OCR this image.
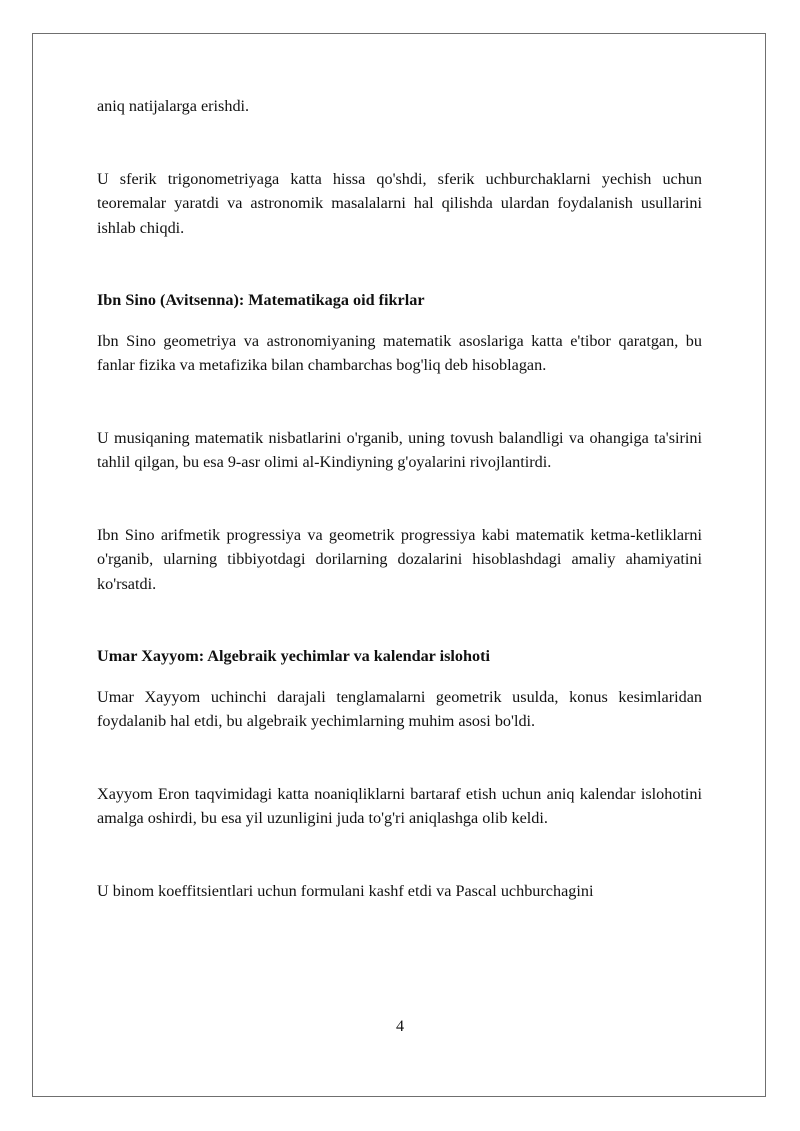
aniq natijalarga erishdi.

U sferik trigonometriyaga katta hissa qo'shdi, sferik uchburchaklarni yechish uchun teoremalar yaratdi va astronomik masalalarni hal qilishda ulardan foydalanish usullarini ishlab chiqdi.

Ibn Sino (Avitsenna): Matematikaga oid fikrlar

Ibn Sino geometriya va astronomiyaning matematik asoslariga katta e'tibor qaratgan, bu fanlar fizika va metafizika bilan chambarchas bog'liq deb hisoblagan.

U musiqaning matematik nisbatlarini o'rganib, uning tovush balandligi va ohangiga ta'sirini tahlil qilgan, bu esa 9-asr olimi al-Kindiyning g'oyalarini rivojlantirdi.

Ibn Sino arifmetik progressiya va geometrik progressiya kabi matematik ketma-ketliklarni o'rganib, ularning tibbiyotdagi dorilarning dozalarini hisoblashdagi amaliy ahamiyatini ko'rsatdi.

Umar Xayyom: Algebraik yechimlar va kalendar islohoti

Umar Xayyom uchinchi darajali tenglamalarni geometrik usulda, konus kesimlaridan foydalanib hal etdi, bu algebraik yechimlarning muhim asosi bo'ldi.

Xayyom Eron taqvimidagi katta noaniqliklarni bartaraf etish uchun aniq kalendar islohotini amalga oshirdi, bu esa yil uzunligini juda to'g'ri aniqlashga olib keldi.

U binom koeffitsientlari uchun formulani kashf etdi va Pascal uchburchagini

4
